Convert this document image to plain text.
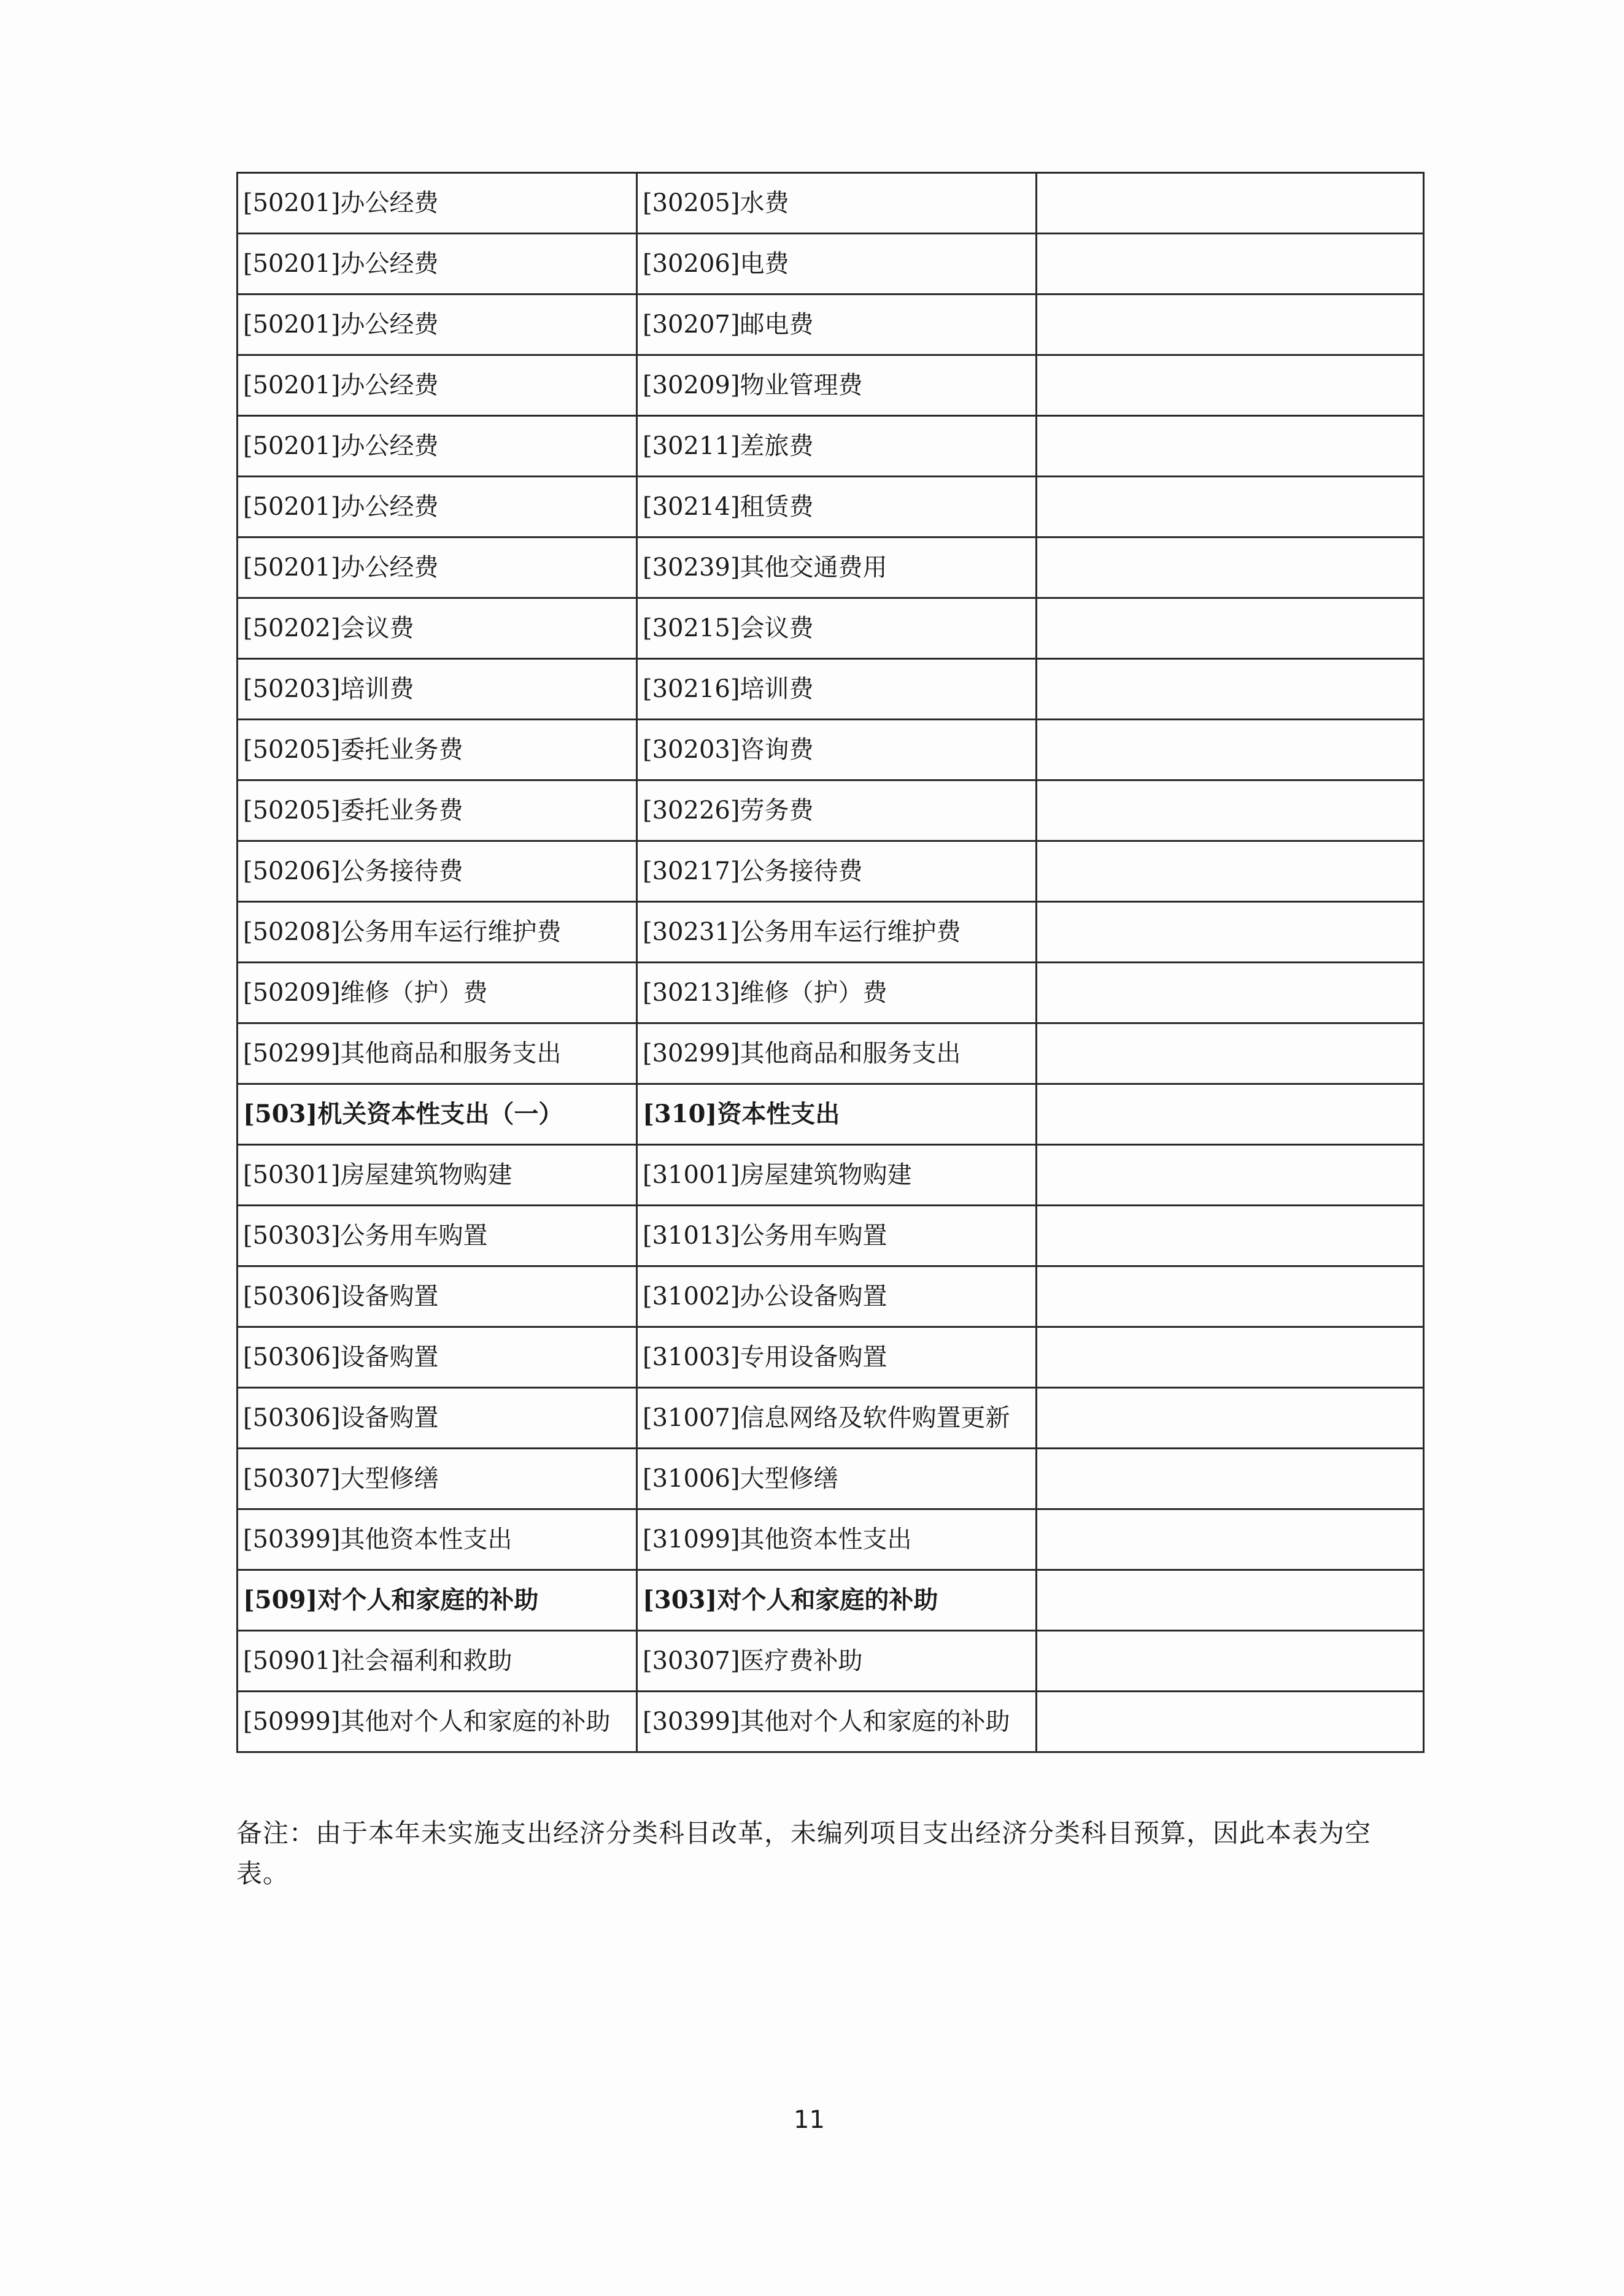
[50201]办公经费	[30205]水费	
[50201]办公经费	[30206]电费	
[50201]办公经费	[30207]邮电费	
[50201]办公经费	[30209]物业管理费	
[50201]办公经费	[30211]差旅费	
[50201]办公经费	[30214]租赁费	
[50201]办公经费	[30239]其他交通费用	
[50202]会议费	[30215]会议费	
[50203]培训费	[30216]培训费	
[50205]委托业务费	[30203]咨询费	
[50205]委托业务费	[30226]劳务费	
[50206]公务接待费	[30217]公务接待费	
[50208]公务用车运行维护费	[30231]公务用车运行维护费	
[50209]维修（护）费	[30213]维修（护）费	
[50299]其他商品和服务支出	[30299]其他商品和服务支出	
[503]机关资本性支出（一）	[310]资本性支出	
[50301]房屋建筑物购建	[31001]房屋建筑物购建	
[50303]公务用车购置	[31013]公务用车购置	
[50306]设备购置	[31002]办公设备购置	
[50306]设备购置	[31003]专用设备购置	
[50306]设备购置	[31007]信息网络及软件购置更新	
[50307]大型修缮	[31006]大型修缮	
[50399]其他资本性支出	[31099]其他资本性支出	
[509]对个人和家庭的补助	[303]对个人和家庭的补助	
[50901]社会福利和救助	[30307]医疗费补助	
[50999]其他对个人和家庭的补助	[30399]其他对个人和家庭的补助	
备注：由于本年未实施支出经济分类科目改革，未编列项目支出经济分类科目预算，因此本表为空表。
11
